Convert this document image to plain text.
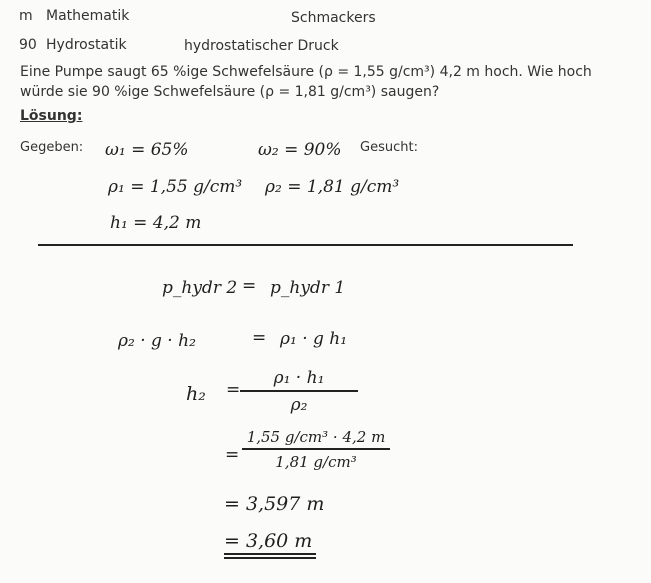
m Mathematik	Schmackers
90 Hydrostatik	hydrostatischer Druck
Eine Pumpe saugt 65 %ige Schwefelsäure (ρ = 1,55 g/cm³) 4,2 m hoch. Wie hoch
würde sie 90 %ige Schwefelsäure (ρ = 1,81 g/cm³) saugen?
Lösung:
Gegeben:	Gesucht:
ω₁ = 65%	ω₂ = 90%
ρ₁ = 1,55 g/cm³ ρ₂ = 1,81 g/cm³
h₁ = 4,2 m
p_hydr 2 = p_hydr 1
ρ₂ · g · h₂	= ρ₁ · g h₁
h₂ =
ρ₁ · h₁
ρ₂
=
1,55 g/cm³ · 4,2 m
1,81 g/cm³
= 3,597 m
= 3,60 m
